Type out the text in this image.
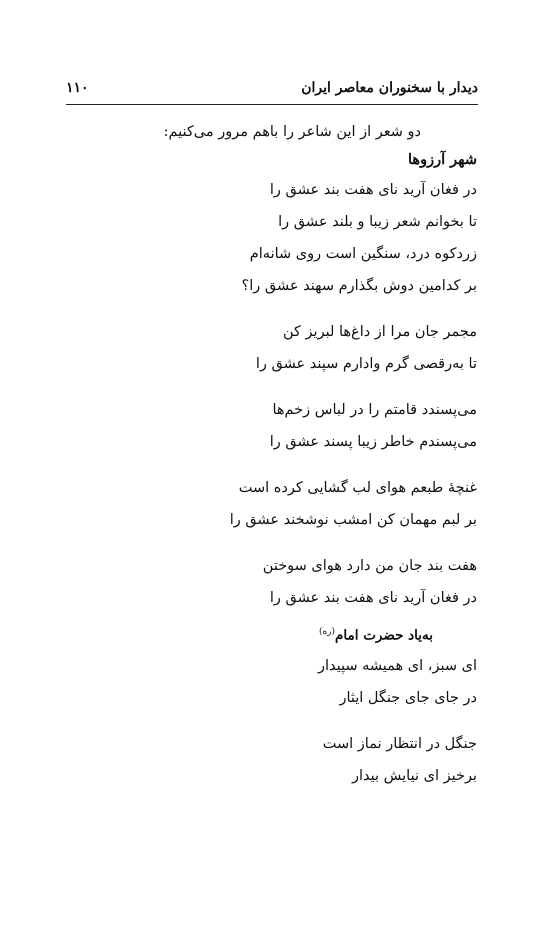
دیدار با سخنوران معاصر ایران
۱۱۰

دو شعر از این شاعر را باهم مرور می‌کنیم:

شهر آرزوها

در فغان آرید نای هفت بند عشق را
تا بخوانم شعر زیبا و بلند عشق را
زردکوه درد، سنگین است روی شانه‌ام
بر کدامین دوش بگذارم سهند عشق را؟
مجمر جان مرا از داغ‌ها لبریز کن
تا به‌رقصی گرم وادارم سپند عشق را
می‌پسندد قامتم را در لباس زخم‌ها
می‌پسندم خاطر زیبا پسند عشق را
غنچهٔ طبعم هوای لب گشایی کرده است
بر لبم مهمان کن امشب نوشخند عشق را
هفت بند جان من دارد هوای سوختن
در فغان آرید نای هفت بند عشق را

به‌یاد حضرت امام$^{(ره)}$

ای سبز، ای همیشه سپیدار
در جای جای جنگل ایثار
جنگل در انتظار نماز است
برخیز ای نیایش بیدار
